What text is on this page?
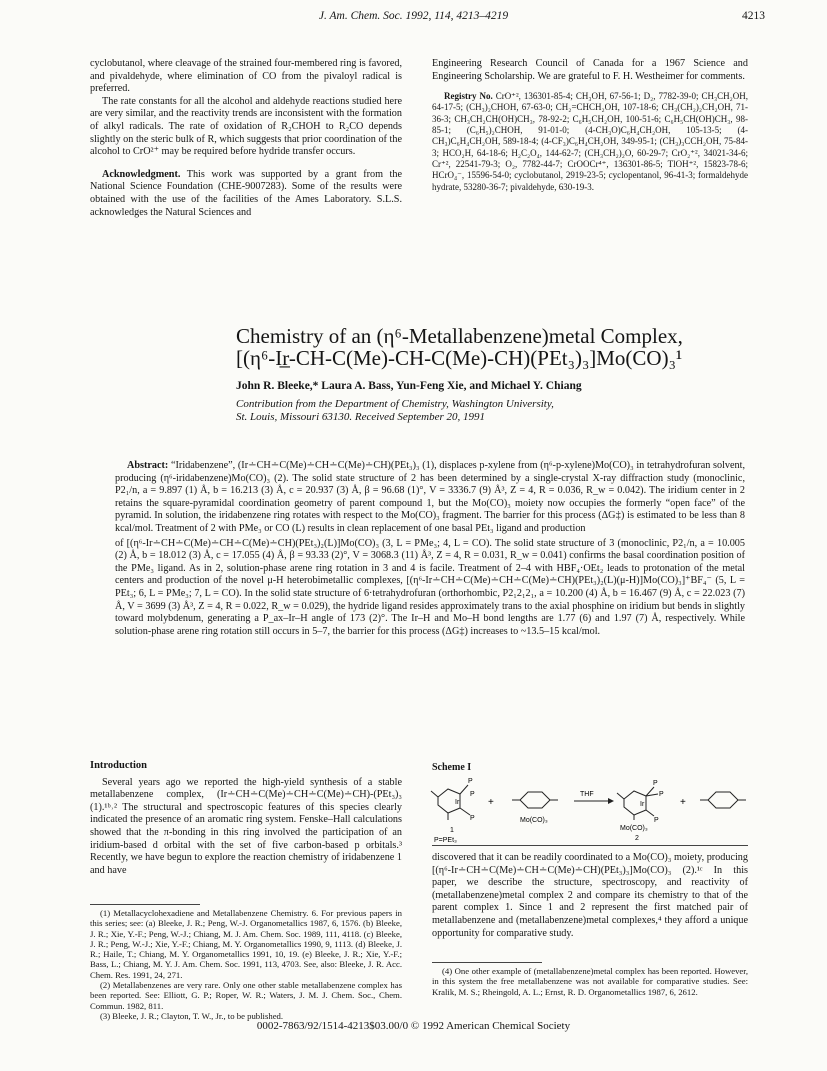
J. Am. Chem. Soc. 1992, 114, 4213–4219	4213

cyclobutanol, where cleavage of the strained four-membered ring is favored, and pivaldehyde, where elimination of CO from the pivaloyl radical is preferred.

The rate constants for all the alcohol and aldehyde reactions studied here are very similar, and the reactivity trends are inconsistent with the formation of alkyl radicals. The rate of oxidation of R₂CHOH to R₂CO depends slightly on the steric bulk of R, which suggests that prior coordination of the alcohol to CrO²⁺ may be required before hydride transfer occurs.

Acknowledgment. This work was supported by a grant from the National Science Foundation (CHE-9007283). Some of the results were obtained with the use of the facilities of the Ames Laboratory. S.L.S. acknowledges the Natural Sciences and

Engineering Research Council of Canada for a 1967 Science and Engineering Scholarship. We are grateful to F. H. Westheimer for comments.

Registry No. CrO⁺², 136301-85-4; CH₃OH, 67-56-1; D₂, 7782-39-0; CH₃CH₂OH, 64-17-5; (CH₃)₂CHOH, 67-63-0; CH₂=CHCH₂OH, 107-18-6; CH₃(CH₂)₂CH₂OH, 71-36-3; CH₃CH₂CH(OH)CH₃, 78-92-2; C₆H₅CH₂OH, 100-51-6; C₆H₅CH(OH)CH₃, 98-85-1; (C₆H₅)₂CHOH, 91-01-0; (4-CH₃O)C₆H₄CH₂OH, 105-13-5; (4-CH₃)C₆H₄CH₂OH, 589-18-4; (4-CF₃)C₆H₄CH₂OH, 349-95-1; (CH₃)₃CCH₂OH, 75-84-3; HCO₂H, 64-18-6; H₂C₂O₄, 144-62-7; (CH₃CH₂)₂O, 60-29-7; CrO₂⁺², 34021-34-6; Cr⁺², 22541-79-3; O₂, 7782-44-7; CrOOCr⁴⁺, 136301-86-5; TlOH⁺², 15823-78-6; HCrO₄⁻, 15596-54-0; cyclobutanol, 2919-23-5; cyclopentanol, 96-41-3; formaldehyde hydrate, 53280-36-7; pivaldehyde, 630-19-3.

Chemistry of an (η⁶-Metallabenzene)metal Complex,
[(η⁶-Ir̲-CH-C(Me)-CH-C(Me)-CH)(PEt₃)₃]Mo(CO)₃¹
John R. Bleeke,* Laura A. Bass, Yun-Feng Xie, and Michael Y. Chiang
Contribution from the Department of Chemistry, Washington University,
St. Louis, Missouri 63130. Received September 20, 1991

Abstract: “Iridabenzene”, (Ir∸CH∸C(Me)∸CH∸C(Me)∸CH)(PEt₃)₃ (1), displaces p-xylene from (η⁶-p-xylene)Mo(CO)₃ in tetrahydrofuran solvent, producing (η⁶-iridabenzene)Mo(CO)₃ (2). The solid state structure of 2 has been determined by a single-crystal X-ray diffraction study (monoclinic, P2₁/n, a = 9.897 (1) Å, b = 16.213 (3) Å, c = 20.937 (3) Å, β = 96.68 (1)°, V = 3336.7 (9) Å³, Z = 4, R = 0.036, R_w = 0.042). The iridium center in 2 retains the square-pyramidal coordination geometry of parent compound 1, but the Mo(CO)₃ moiety now occupies the formerly “open face” of the pyramid. In solution, the iridabenzene ring rotates with respect to the Mo(CO)₃ fragment. The barrier for this process (ΔG‡) is estimated to be less than 8 kcal/mol. Treatment of 2 with PMe₃ or CO (L) results in clean replacement of one basal PEt₃ ligand and production

of [(η⁶-Ir∸CH∸C(Me)∸CH∸C(Me)∸CH)(PEt₃)₂(L)]Mo(CO)₃ (3, L = PMe₃; 4, L = CO). The solid state structure of 3 (monoclinic, P2₁/n, a = 10.005 (2) Å, b = 18.012 (3) Å, c = 17.055 (4) Å, β = 93.33 (2)°, V = 3068.3 (11) Å³, Z = 4, R = 0.031, R_w = 0.041) confirms the basal coordination position of the PMe₃ ligand. As in 2, solution-phase arene ring rotation in 3 and 4 is facile. Treatment of 2–4 with HBF₄·OEt₂ leads to protonation of the metal centers and production of the novel μ-H heterobimetallic complexes, [(η⁶-Ir∸CH∸C(Me)∸CH∸C(Me)∸CH)(PEt₃)₂(L)(μ-H)]Mo(CO)₃]⁺BF₄⁻ (5, L = PEt₃; 6, L = PMe₃; 7, L = CO). In the solid state structure of 6·tetrahydrofuran (orthorhombic, P2₁2₁2₁, a = 10.200 (4) Å, b = 16.467 (9) Å, c = 22.023 (7) Å, V = 3699 (3) Å³, Z = 4, R = 0.022, R_w = 0.029), the hydride ligand resides approximately trans to the axial phosphine on iridium but bends in slightly toward molybdenum, generating a P_ax–Ir–H angle of 173 (2)°. The Ir–H and Mo–H bond lengths are 1.77 (6) and 1.97 (7) Å, respectively. While solution-phase arene ring rotation still occurs in 5–7, the barrier for this process (ΔG‡) increases to ~13.5–15 kcal/mol.

Introduction

Several years ago we reported the high-yield synthesis of a stable metallabenzene complex, (Ir∸CH∸C(Me)∸CH∸C(Me)∸CH)-(PEt₃)₃ (1).¹ᵇ˒² The structural and spectroscopic features of this species clearly indicated the presence of an aromatic ring system. Fenske–Hall calculations showed that the π-bonding in this ring involved the participation of an iridium-based d orbital with the set of five carbon-based p orbitals.³ Recently, we have begun to explore the reaction chemistry of iridabenzene 1 and have

Scheme I
Ir
P
P
P
1
P=PEt₃
+
Mo(CO)₃
THF
Ir
P
P
P
Mo(CO)₃
2
+

discovered that it can be readily coordinated to a Mo(CO)₃ moiety, producing [(η⁶-Ir∸CH∸C(Me)∸CH∸C(Me)∸CH)(PEt₃)₃]Mo(CO)₃ (2).¹ᶜ In this paper, we describe the structure, spectroscopy, and reactivity of (metallabenzene)metal complex 2 and compare its chemistry to that of the parent complex 1. Since 1 and 2 represent the first matched pair of metallabenzene and (metallabenzene)metal complexes,⁴ they afford a unique opportunity for comparative study.

(1) Metallacyclohexadiene and Metallabenzene Chemistry. 6. For previous papers in this series; see: (a) Bleeke, J. R.; Peng, W.-J. Organometallics 1987, 6, 1576. (b) Bleeke, J. R.; Xie, Y.-F.; Peng, W.-J.; Chiang, M. J. Am. Chem. Soc. 1989, 111, 4118. (c) Bleeke, J. R.; Peng, W.-J.; Xie, Y.-F.; Chiang, M. Y. Organometallics 1990, 9, 1113. (d) Bleeke, J. R.; Haile, T.; Chiang, M. Y. Organometallics 1991, 10, 19. (e) Bleeke, J. R.; Xie, Y.-F.; Bass, L.; Chiang, M. Y. J. Am. Chem. Soc. 1991, 113, 4703. See, also: Bleeke, J. R. Acc. Chem. Res. 1991, 24, 271.

(2) Metallabenzenes are very rare. Only one other stable metallabenzene complex has been reported. See: Elliott, G. P.; Roper, W. R.; Waters, J. M. J. Chem. Soc., Chem. Commun. 1982, 811.

(3) Bleeke, J. R.; Clayton, T. W., Jr., to be published.

(4) One other example of (metallabenzene)metal complex has been reported. However, in this system the free metallabenzene was not available for comparative studies. See: Kralik, M. S.; Rheingold, A. L.; Ernst, R. D. Organometallics 1987, 6, 2612.

0002-7863/92/1514-4213$03.00/0 © 1992 American Chemical Society
